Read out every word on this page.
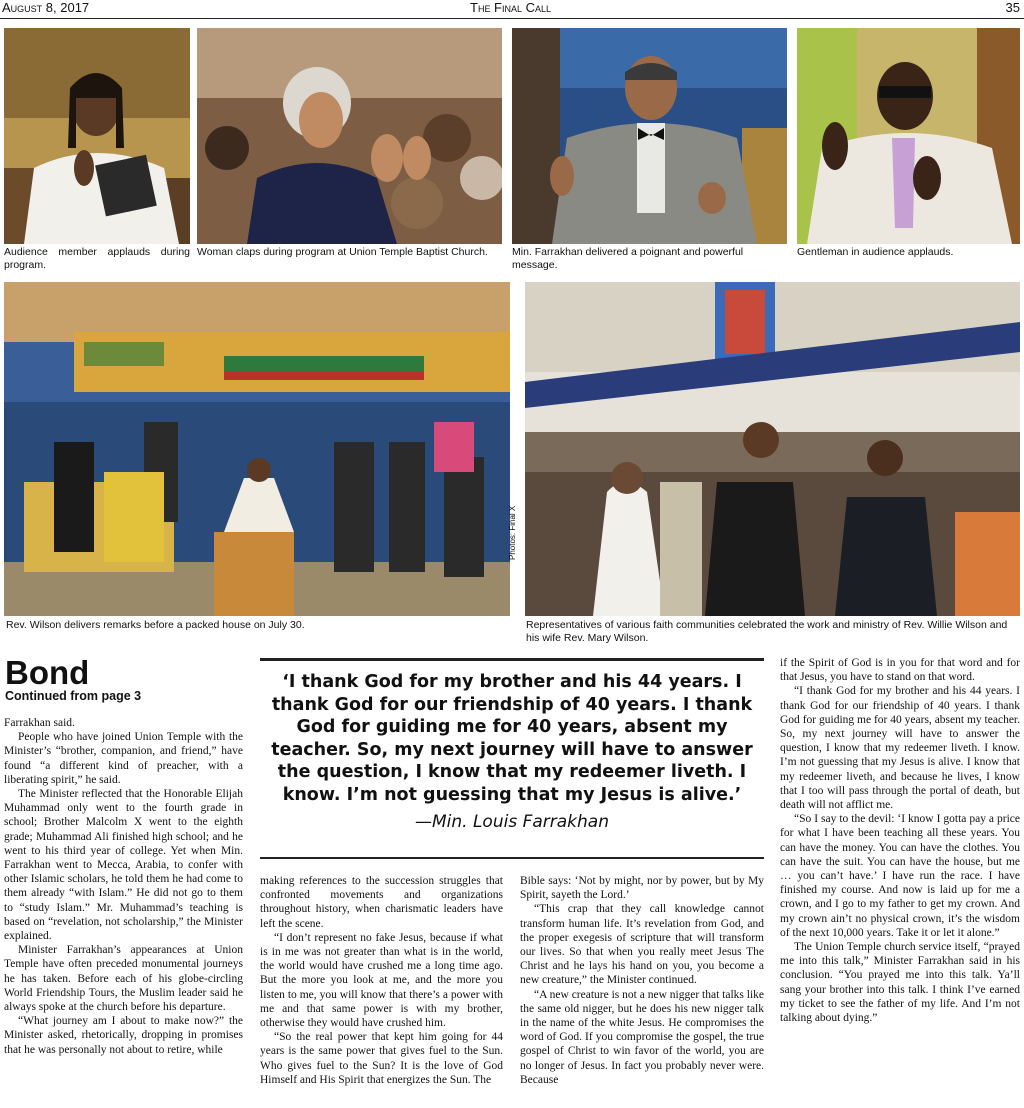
August 8, 2017	The Final Call	35
Audience member applauds during program.
Woman claps during program at Union Temple Baptist Church.	Min. Farrakhan delivered a poignant and powerful message.
Gentleman in audience applauds.
Photos: Final X
Rev. Wilson delivers remarks before a packed house on July 30.	Representatives of various faith communities celebrated the work and ministry of Rev. Willie Wilson and his wife Rev. Mary Wilson.
Bond
Continued from page 3
‘I thank God for my brother and his 44 years. I thank God for our friendship of 40 years. I thank God for guiding me for 40 years, absent my teacher. So, my next journey will have to answer the question, I know that my redeemer liveth. I know. I’m not guessing that my Jesus is alive.’
—Min. Louis Farrakhan

Farrakhan said.

People who have joined Union Temple with the Minister’s “brother, companion, and friend,” have found “a different kind of preacher, with a liberating spirit,” he said.

The Minister reflected that the Honorable Elijah Muhammad only went to the fourth grade in school; Brother Malcolm X went to the eighth grade; Muhammad Ali finished high school; and he went to his third year of college. Yet when Min. Farrakhan went to Mecca, Arabia, to confer with other Islamic scholars, he told them he had come to them already “with Islam.” He did not go to them to “study Islam.” Mr. Muhammad’s teaching is based on “revelation, not scholarship,” the Minister explained.

Minister Farrakhan’s appearances at Union Temple have often preceded monumental journeys he has taken. Before each of his globe-circling World Friendship Tours, the Muslim leader said he always spoke at the church before his departure.

“What journey am I about to make now?” the Minister asked, rhetorically, dropping in promises that he was personally not about to retire, while

making references to the succession struggles that confronted movements and organizations throughout history, when charismatic leaders have left the scene.

“I don’t represent no fake Jesus, because if what is in me was not greater than what is in the world, the world would have crushed me a long time ago. But the more you look at me, and the more you listen to me, you will know that there’s a power with me and that same power is with my brother, otherwise they would have crushed him.

“So the real power that kept him going for 44 years is the same power that gives fuel to the Sun. Who gives fuel to the Sun? It is the love of God Himself and His Spirit that energizes the Sun. The

Bible says: ‘Not by might, nor by power, but by My Spirit, sayeth the Lord.’

“This crap that they call knowledge cannot transform human life. It’s revelation from God, and the proper exegesis of scripture that will transform our lives. So that when you really meet Jesus The Christ and he lays his hand on you, you become a new creature,” the Minister continued.

“A new creature is not a new nigger that talks like the same old nigger, but he does his new nigger talk in the name of the white Jesus. He compromises the word of God. If you compromise the gospel, the true gospel of Christ to win favor of the world, you are no longer of Jesus. In fact you probably never were. Because

if the Spirit of God is in you for that word and for that Jesus, you have to stand on that word.

“I thank God for my brother and his 44 years. I thank God for our friendship of 40 years. I thank God for guiding me for 40 years, absent my teacher. So, my next journey will have to answer the question, I know that my redeemer liveth. I know. I’m not guessing that my Jesus is alive. I know that my redeemer liveth, and because he lives, I know that I too will pass through the portal of death, but death will not afflict me.

“So I say to the devil: ‘I know I gotta pay a price for what I have been teaching all these years. You can have the money. You can have the clothes. You can have the suit. You can have the house, but me … you can’t have.’ I have run the race. I have finished my course. And now is laid up for me a crown, and I go to my father to get my crown. And my crown ain’t no physical crown, it’s the wisdom of the next 10,000 years. Take it or let it alone.”

The Union Temple church service itself, “prayed me into this talk,” Minister Farrakhan said in his conclusion. “You prayed me into this talk. Ya’ll sang your brother into this talk. I think I’ve earned my ticket to see the father of my life. And I’m not talking about dying.”
